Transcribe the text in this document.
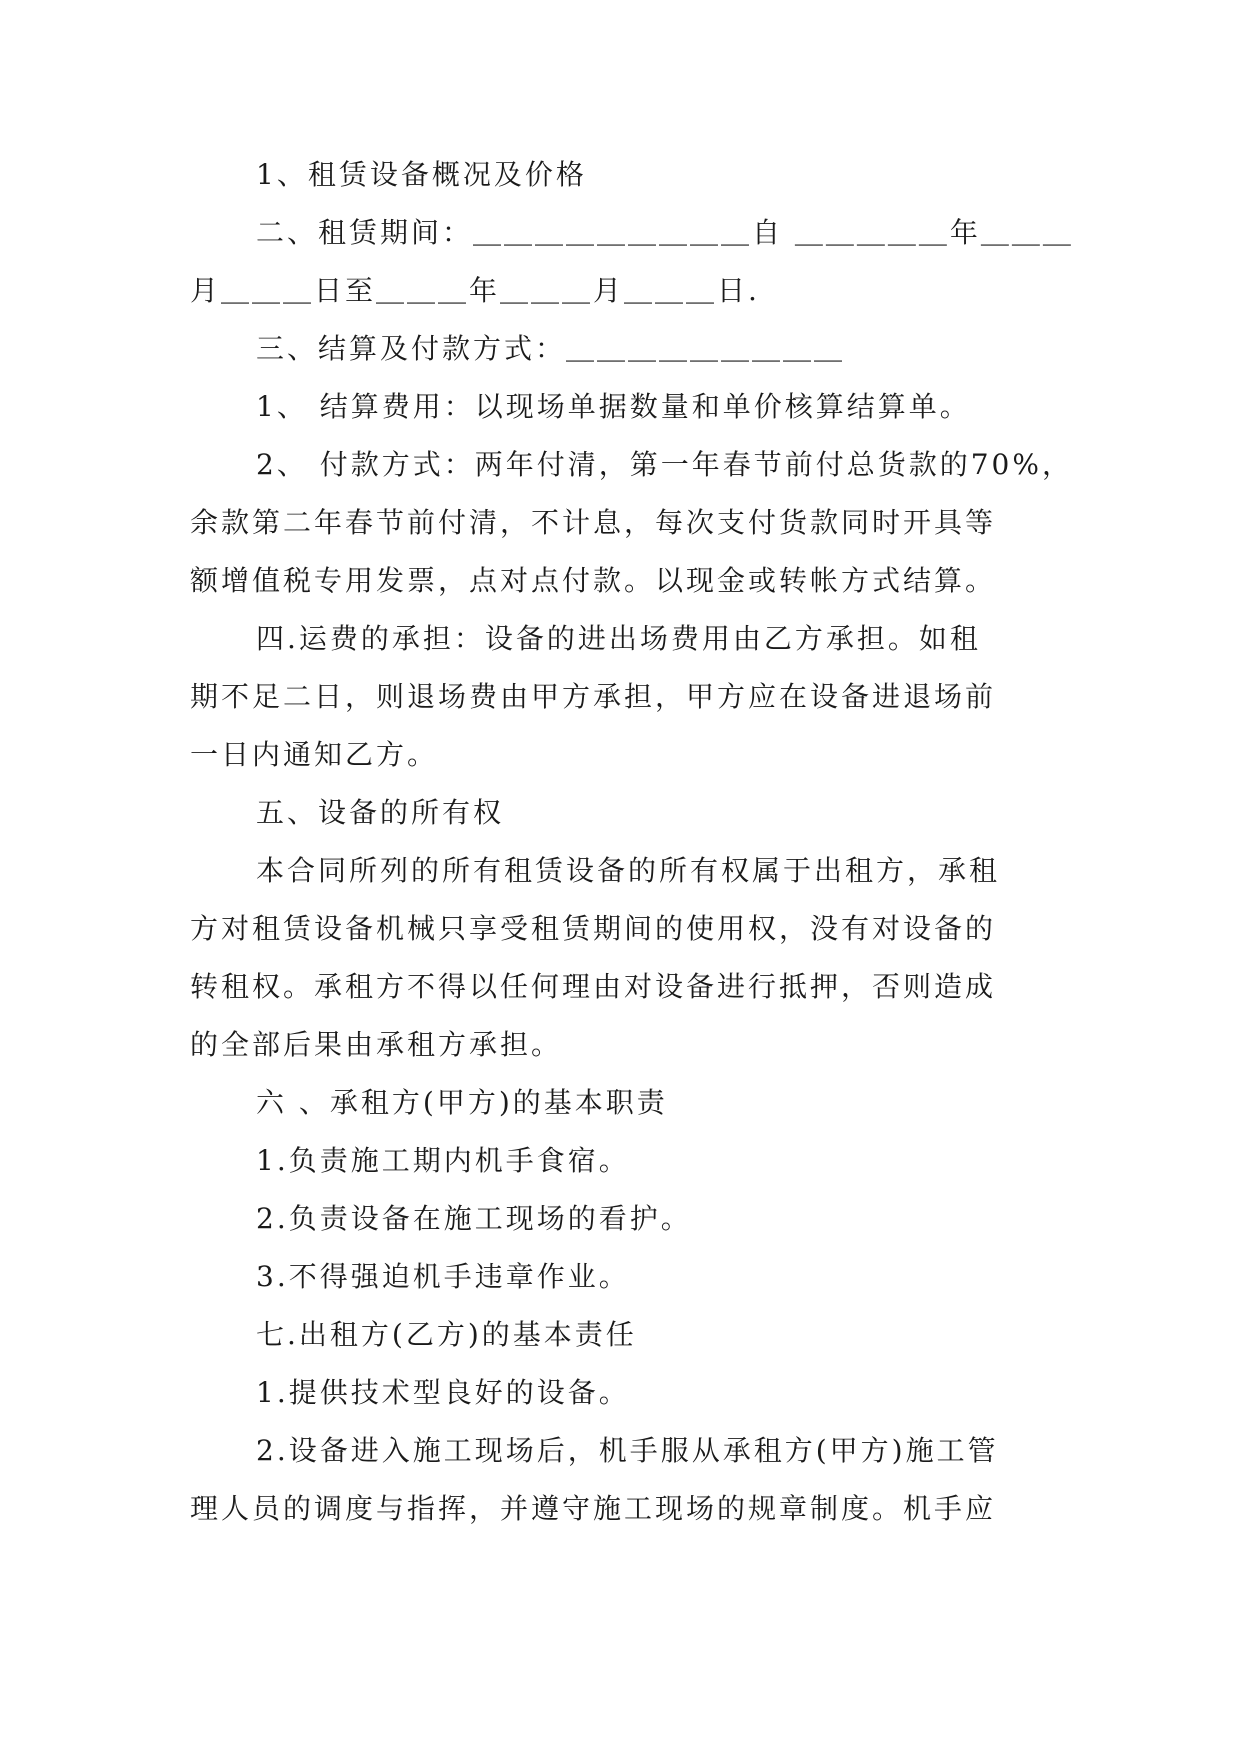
1、租赁设备概况及价格
二、租赁期间：＿＿＿＿＿＿＿＿＿自 ＿＿＿＿＿年＿＿＿
月＿＿＿日至＿＿＿年＿＿＿月＿＿＿日.
三、结算及付款方式：＿＿＿＿＿＿＿＿＿
1、 结算费用：以现场单据数量和单价核算结算单。
2、 付款方式：两年付清，第一年春节前付总货款的70%，
余款第二年春节前付清，不计息，每次支付货款同时开具等
额增值税专用发票，点对点付款。以现金或转帐方式结算。
四.运费的承担：设备的进出场费用由乙方承担。如租
期不足二日，则退场费由甲方承担，甲方应在设备进退场前
一日内通知乙方。
五、设备的所有权
本合同所列的所有租赁设备的所有权属于出租方，承租
方对租赁设备机械只享受租赁期间的使用权，没有对设备的
转租权。承租方不得以任何理由对设备进行抵押，否则造成
的全部后果由承租方承担。
六 、承租方(甲方)的基本职责
1.负责施工期内机手食宿。
2.负责设备在施工现场的看护。
3.不得强迫机手违章作业。
七.出租方(乙方)的基本责任
1.提供技术型良好的设备。
2.设备进入施工现场后，机手服从承租方(甲方)施工管
理人员的调度与指挥，并遵守施工现场的规章制度。机手应
